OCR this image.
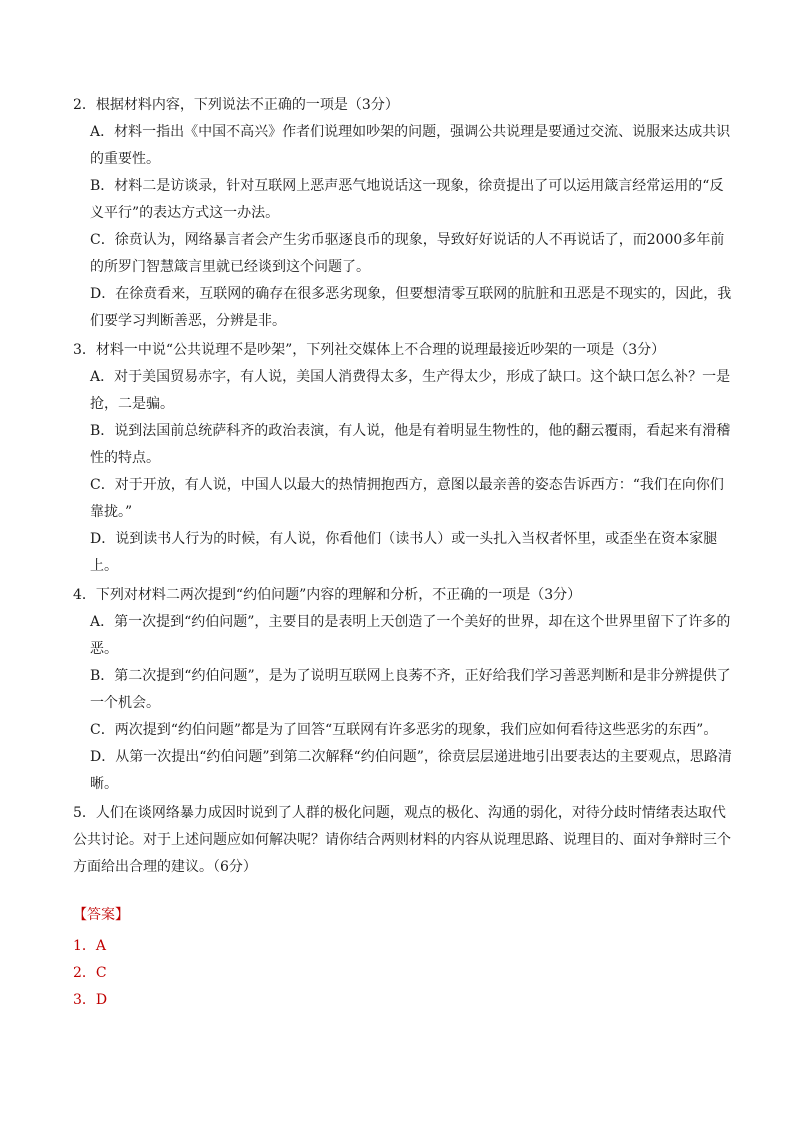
2．根据材料内容，下列说法不正确的一项是（3分）
A．材料一指出《中国不高兴》作者们说理如吵架的问题，强调公共说理是要通过交流、说服来达成共识的重要性。
B．材料二是访谈录，针对互联网上恶声恶气地说话这一现象，徐贲提出了可以运用箴言经常运用的“反义平行”的表达方式这一办法。
C．徐贲认为，网络暴言者会产生劣币驱逐良币的现象，导致好好说话的人不再说话了，而2000多年前的所罗门智慧箴言里就已经谈到这个问题了。
D．在徐贲看来，互联网的确存在很多恶劣现象，但要想清零互联网的肮脏和丑恶是不现实的，因此，我们要学习判断善恶，分辨是非。
3．材料一中说“公共说理不是吵架”，下列社交媒体上不合理的说理最接近吵架的一项是（3分）
A．对于美国贸易赤字，有人说，美国人消费得太多，生产得太少，形成了缺口。这个缺口怎么补？一是抢，二是骗。
B．说到法国前总统萨科齐的政治表演，有人说，他是有着明显生物性的，他的翻云覆雨，看起来有滑稽性的特点。
C．对于开放，有人说，中国人以最大的热情拥抱西方，意图以最亲善的姿态告诉西方：“我们在向你们靠拢。”
D．说到读书人行为的时候，有人说，你看他们（读书人）或一头扎入当权者怀里，或歪坐在资本家腿上。
4．下列对材料二两次提到“约伯问题”内容的理解和分析，不正确的一项是（3分）
A．第一次提到“约伯问题”，主要目的是表明上天创造了一个美好的世界，却在这个世界里留下了许多的恶。
B．第二次提到“约伯问题”，是为了说明互联网上良莠不齐，正好给我们学习善恶判断和是非分辨提供了一个机会。
C．两次提到“约伯问题”都是为了回答“互联网有许多恶劣的现象，我们应如何看待这些恶劣的东西”。
D．从第一次提出“约伯问题”到第二次解释“约伯问题”，徐贲层层递进地引出要表达的主要观点，思路清晰。
5．人们在谈网络暴力成因时说到了人群的极化问题，观点的极化、沟通的弱化，对待分歧时情绪表达取代公共讨论。对于上述问题应如何解决呢？请你结合两则材料的内容从说理思路、说理目的、面对争辩时三个方面给出合理的建议。（6分）
【答案】
1．A
2．C
3．D
